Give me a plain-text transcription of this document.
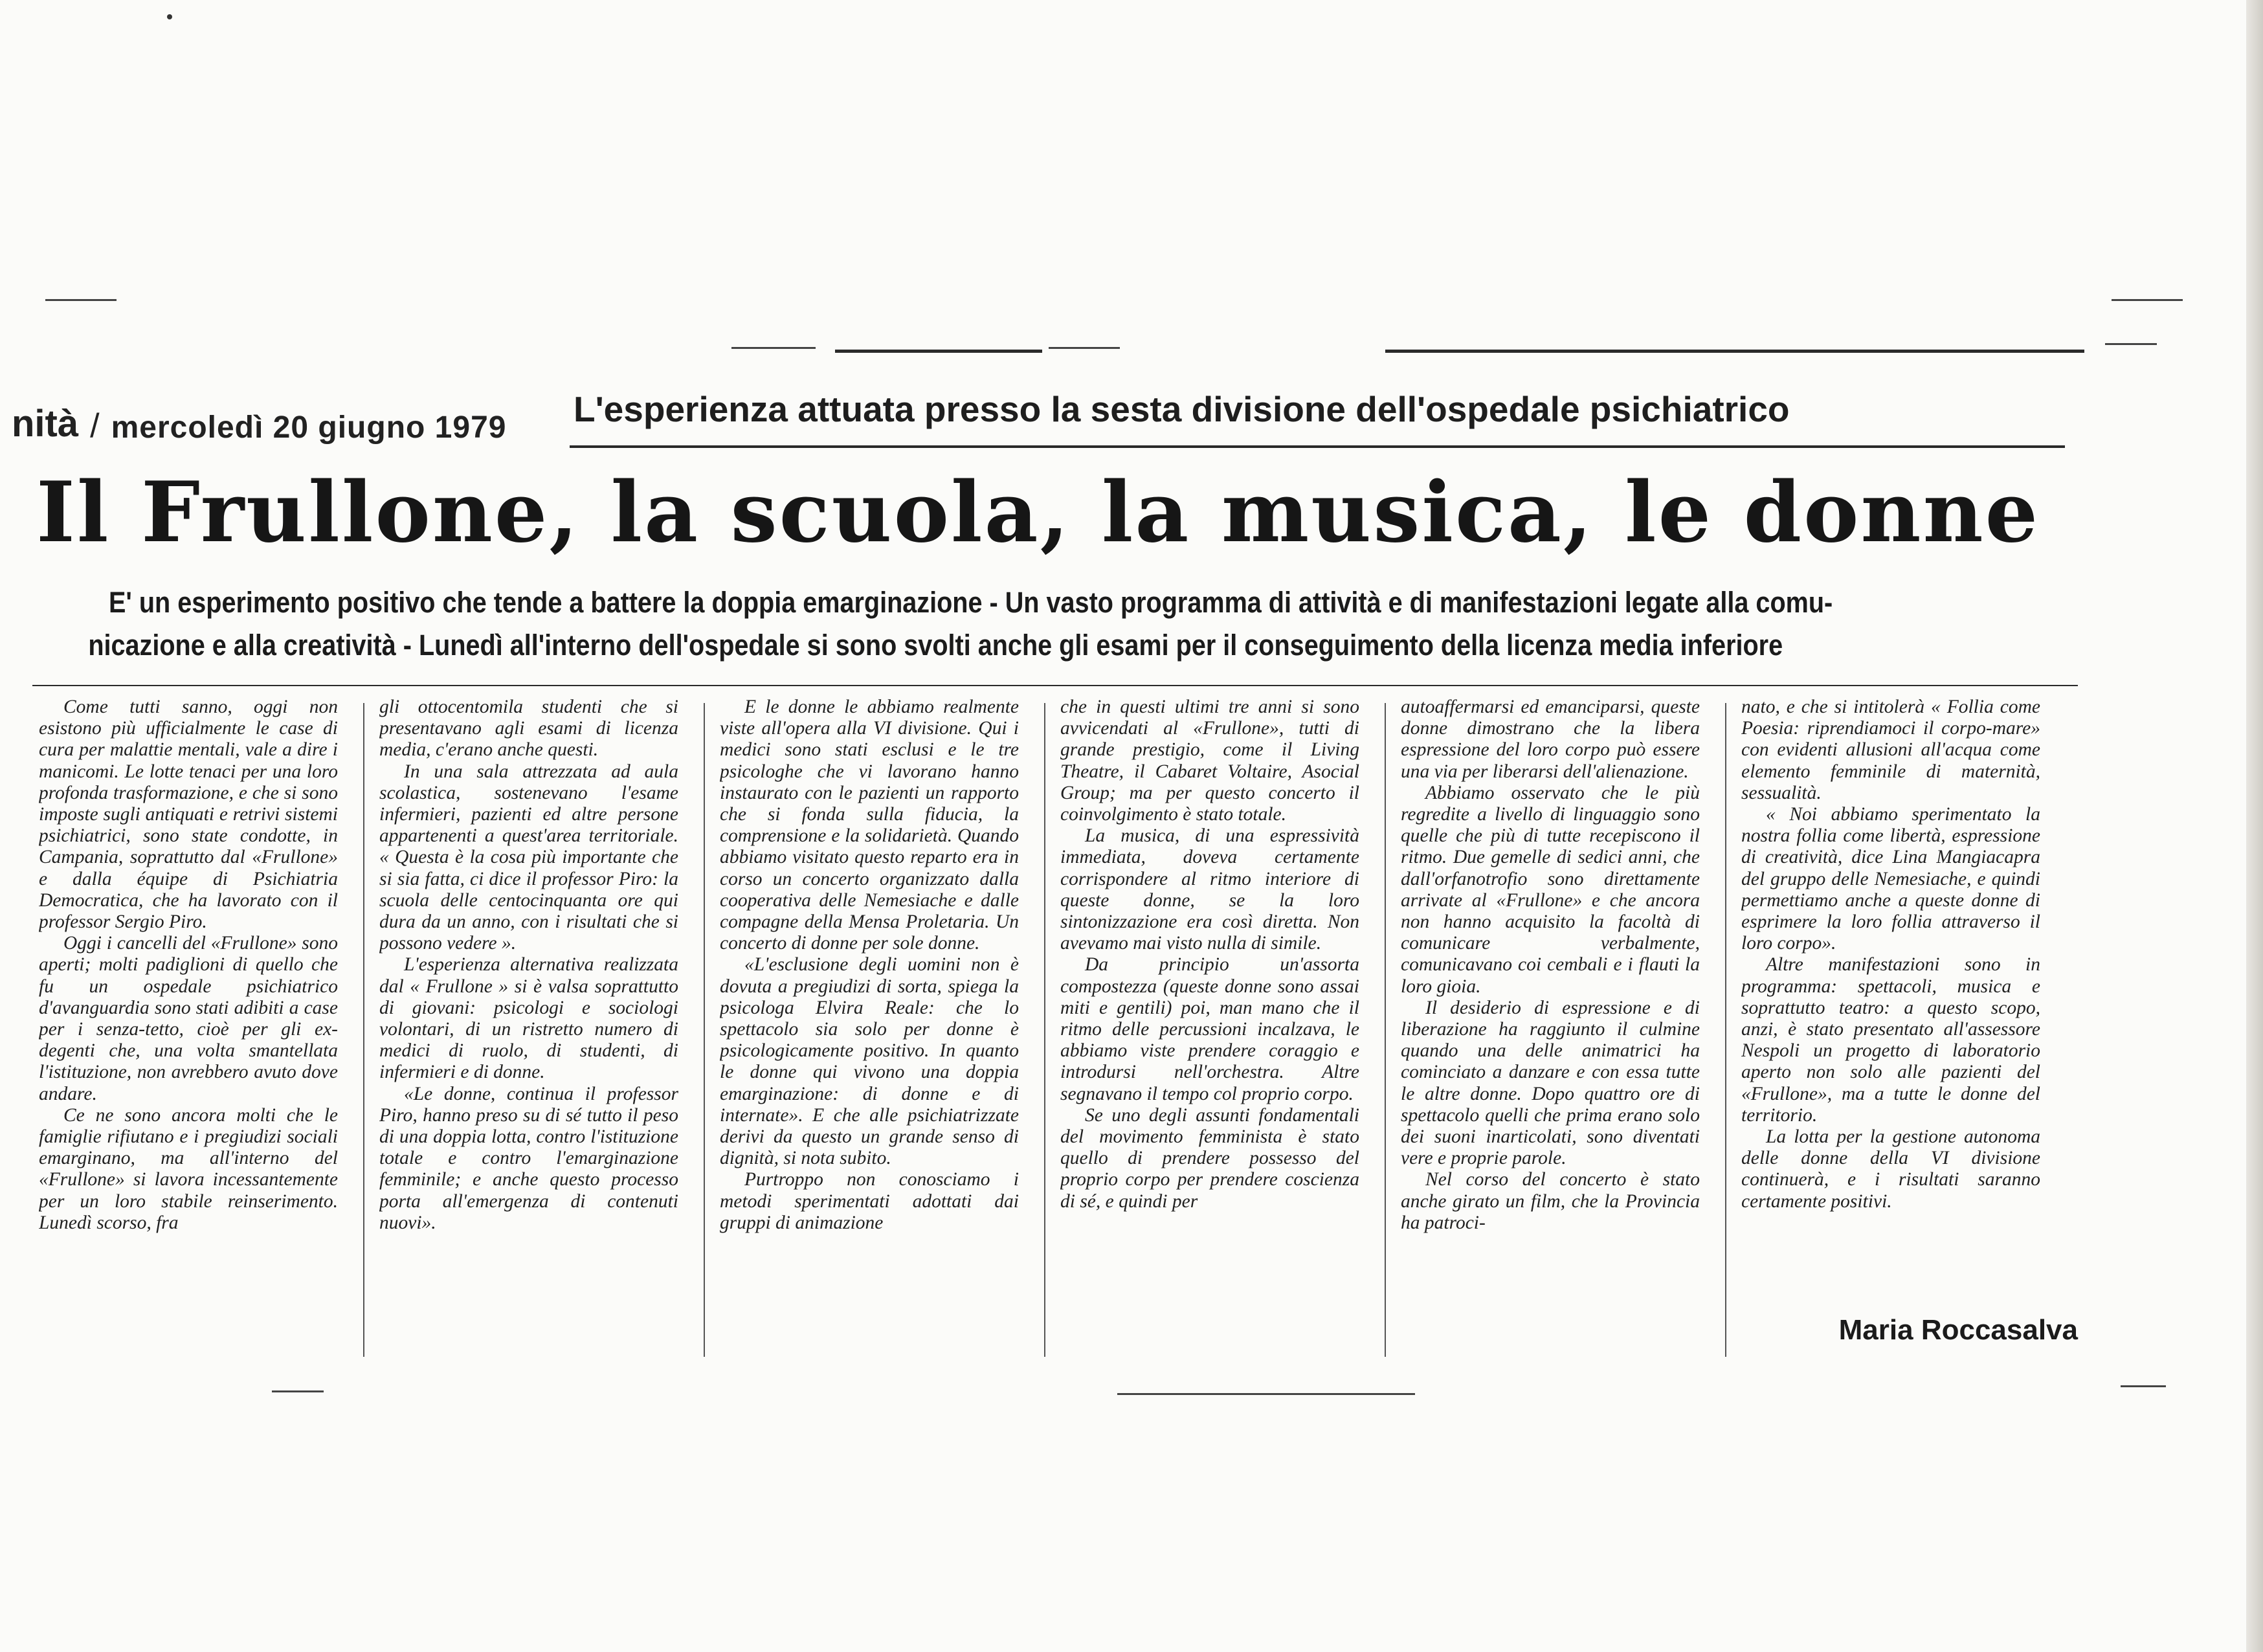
nità / mercoledì 20 giugno 1979 L'esperienza attuata presso la sesta divisione dell'ospedale psichiatrico
Il Frullone, la scuola, la musica, le donne

E' un esperimento positivo che tende a battere la doppia emarginazione - Un vasto programma di attività e di manifestazioni legate alla comu-

nicazione e alla creatività - Lunedì all'interno dell'ospedale si sono svolti anche gli esami per il conseguimento della licenza media inferiore

Come tutti sanno, oggi non esistono più ufficialmente le case di cura per malattie mentali, vale a dire i manicomi. Le lotte tenaci per una loro profonda trasformazione, e che si sono imposte sugli antiquati e retrivi sistemi psichiatrici, sono state condotte, in Campania, soprattutto dal «Frullone» e dalla équipe di Psichiatria Democratica, che ha lavorato con il professor Sergio Piro.

Oggi i cancelli del «Frullone» sono aperti; molti padiglioni di quello che fu un ospedale psichiatrico d'avanguardia sono stati adibiti a case per i senza-tetto, cioè per gli ex-degenti che, una volta smantellata l'istituzione, non avrebbero avuto dove andare.

Ce ne sono ancora molti che le famiglie rifiutano e i pregiudizi sociali emarginano, ma all'interno del «Frullone» si lavora incessantemente per un loro stabile reinserimento. Lunedì scorso, fra

gli ottocentomila studenti che si presentavano agli esami di licenza media, c'erano anche questi.

In una sala attrezzata ad aula scolastica, sostenevano l'esame infermieri, pazienti ed altre persone appartenenti a quest'area territoriale. « Questa è la cosa più importante che si sia fatta, ci dice il professor Piro: la scuola delle centocinquanta ore qui dura da un anno, con i risultati che si possono vedere ».

L'esperienza alternativa realizzata dal « Frullone » si è valsa soprattutto di giovani: psicologi e sociologi volontari, di un ristretto numero di medici di ruolo, di studenti, di infermieri e di donne.

«Le donne, continua il professor Piro, hanno preso su di sé tutto il peso di una doppia lotta, contro l'istituzione totale e contro l'emarginazione femminile; e anche questo processo porta all'emergenza di contenuti nuovi».

E le donne le abbiamo realmente viste all'opera alla VI divisione. Qui i medici sono stati esclusi e le tre psicologhe che vi lavorano hanno instaurato con le pazienti un rapporto che si fonda sulla fiducia, la comprensione e la solidarietà. Quando abbiamo visitato questo reparto era in corso un concerto organizzato dalla cooperativa delle Nemesiache e dalle compagne della Mensa Proletaria. Un concerto di donne per sole donne.

«L'esclusione degli uomini non è dovuta a pregiudizi di sorta, spiega la psicologa Elvira Reale: che lo spettacolo sia solo per donne è psicologicamente positivo. In quanto le donne qui vivono una doppia emarginazione: di donne e di internate». E che alle psichiatrizzate derivi da questo un grande senso di dignità, si nota subito.

Purtroppo non conosciamo i metodi sperimentati adottati dai gruppi di animazione

che in questi ultimi tre anni si sono avvicendati al «Frullone», tutti di grande prestigio, come il Living Theatre, il Cabaret Voltaire, Asocial Group; ma per questo concerto il coinvolgimento è stato totale.

La musica, di una espressività immediata, doveva certamente corrispondere al ritmo interiore di queste donne, se la loro sintonizzazione era così diretta. Non avevamo mai visto nulla di simile.

Da principio un'assorta compostezza (queste donne sono assai miti e gentili) poi, man mano che il ritmo delle percussioni incalzava, le abbiamo viste prendere coraggio e introdursi nell'orchestra. Altre segnavano il tempo col proprio corpo.

Se uno degli assunti fondamentali del movimento femminista è stato quello di prendere possesso del proprio corpo per prendere coscienza di sé, e quindi per

autoaffermarsi ed emanciparsi, queste donne dimostrano che la libera espressione del loro corpo può essere una via per liberarsi dell'alienazione.

Abbiamo osservato che le più regredite a livello di linguaggio sono quelle che più di tutte recepiscono il ritmo. Due gemelle di sedici anni, che dall'orfanotrofio sono direttamente arrivate al «Frullone» e che ancora non hanno acquisito la facoltà di comunicare verbalmente, comunicavano coi cembali e i flauti la loro gioia.

Il desiderio di espressione e di liberazione ha raggiunto il culmine quando una delle animatrici ha cominciato a danzare e con essa tutte le altre donne. Dopo quattro ore di spettacolo quelli che prima erano solo dei suoni inarticolati, sono diventati vere e proprie parole.

Nel corso del concerto è stato anche girato un film, che la Provincia ha patroci-

nato, e che si intitolerà « Follia come Poesia: riprendiamoci il corpo-mare» con evidenti allusioni all'acqua come elemento femminile di maternità, sessualità.

« Noi abbiamo sperimentato la nostra follia come libertà, espressione di creatività, dice Lina Mangiacapra del gruppo delle Nemesiache, e quindi permettiamo anche a queste donne di esprimere la loro follia attraverso il loro corpo».

Altre manifestazioni sono in programma: spettacoli, musica e soprattutto teatro: a questo scopo, anzi, è stato presentato all'assessore Nespoli un progetto di laboratorio aperto non solo alle pazienti del «Frullone», ma a tutte le donne del territorio.

La lotta per la gestione autonoma delle donne della VI divisione continuerà, e i risultati saranno certamente positivi.

Maria Roccasalva
